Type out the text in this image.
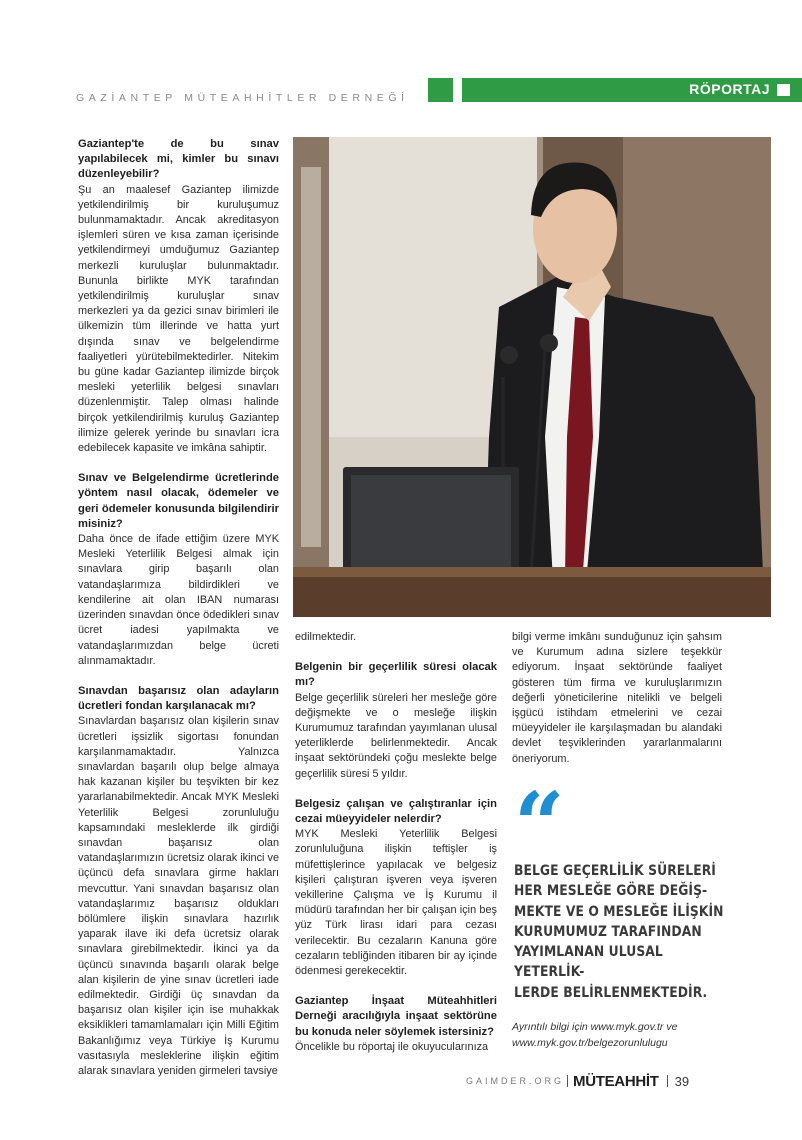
GAZİANTEP MÜTEAHHİTLER DERNEĞİ
RÖPORTAJ
Gaziantep'te de bu sınav yapılabilecek mi, kimler bu sınavı düzenleyebilir?

Şu an maalesef Gaziantep ilimizde yetkilendirilmiş bir kuruluşumuz bulunmamaktadır. Ancak akreditasyon işlemleri süren ve kısa zaman içerisinde yetkilendirmeyi umduğumuz Gaziantep merkezli kuruluşlar bulunmaktadır. Bununla birlikte MYK tarafından yetkilendirilmiş kuruluşlar sınav merkezleri ya da gezici sınav birimleri ile ülkemizin tüm illerinde ve hatta yurt dışında sınav ve belgelendirme faaliyetleri yürütebilmektedirler. Nitekim bu güne kadar Gaziantep ilimizde birçok mesleki yeterlilik belgesi sınavları düzenlenmiştir. Talep olması halinde birçok yetkilendirilmiş kuruluş Gaziantep ilimize gelerek yerinde bu sınavları icra edebilecek kapasite ve imkâna sahiptir.

Sınav ve Belgelendirme ücretlerinde yöntem nasıl olacak, ödemeler ve geri ödemeler konusunda bilgilendirir misiniz?

Daha önce de ifade ettiğim üzere MYK Mesleki Yeterlilik Belgesi almak için sınavlara girip başarılı olan vatandaşlarımıza bildirdikleri ve kendilerine ait olan IBAN numarası üzerinden sınavdan önce ödedikleri sınav ücret iadesi yapılmakta ve vatandaşlarımızdan belge ücreti alınmamaktadır.

Sınavdan başarısız olan adayların ücretleri fondan karşılanacak mı?

Sınavlardan başarısız olan kişilerin sınav ücretleri işsizlik sigortası fonundan karşılanmamaktadır. Yalnızca sınavlardan başarılı olup belge almaya hak kazanan kişiler bu teşvikten bir kez yararlanabilmektedir. Ancak MYK Mesleki Yeterlilik Belgesi zorunluluğu kapsamındaki mesleklerde ilk girdiği sınavdan başarısız olan vatandaşlarımızın ücretsiz olarak ikinci ve üçüncü defa sınavlara girme hakları mevcuttur. Yani sınavdan başarısız olan vatandaşlarımız başarısız oldukları bölümlere ilişkin sınavlara hazırlık yaparak ilave iki defa ücretsiz olarak sınavlara girebilmektedir. İkinci ya da üçüncü sınavında başarılı olarak belge alan kişilerin de yine sınav ücretleri iade edilmektedir. Girdiği üç sınavdan da başarısız olan kişiler için ise muhakkak eksiklikleri tamamlamaları için Milli Eğitim Bakanlığımız veya Türkiye İş Kurumu vasıtasıyla mesleklerine ilişkin eğitim alarak sınavlara yeniden girmeleri tavsiye

edilmektedir.

Belgenin bir geçerlilik süresi olacak mı?

Belge geçerlilik süreleri her mesleğe göre değişmekte ve o mesleğe ilişkin Kurumumuz tarafından yayımlanan ulusal yeterliklerde belirlenmektedir. Ancak inşaat sektöründeki çoğu meslekte belge geçerlilik süresi 5 yıldır.

Belgesiz çalışan ve çalıştıranlar için cezai müeyyideler nelerdir?

MYK Mesleki Yeterlilik Belgesi zorunluluğuna ilişkin teftişler iş müfettişlerince yapılacak ve belgesiz kişileri çalıştıran işveren veya işveren vekillerine Çalışma ve İş Kurumu il müdürü tarafından her bir çalışan için beş yüz Türk lirası idari para cezası verilecektir. Bu cezaların Kanuna göre cezaların tebliğinden itibaren bir ay içinde ödenmesi gerekecektir.

Gaziantep İnşaat Müteahhitleri Derneği aracılığıyla inşaat sektörüne bu konuda neler söylemek istersiniz?

Öncelikle bu röportaj ile okuyucularınıza

bilgi verme imkânı sunduğunuz için şahsım ve Kurumum adına sizlere teşekkür ediyorum. İnşaat sektöründe faaliyet gösteren tüm firma ve kuruluşlarımızın değerli yöneticilerine nitelikli ve belgeli işgücü istihdam etmelerini ve cezai müeyyideler ile karşılaşmadan bu alandaki devlet teşviklerinden yararlanmalarını öneriyorum.

“
BELGE GEÇERLİLİK SÜRELERİ
HER MESLEĞE GÖRE DEĞİŞ-
MEKTE VE O MESLEĞE İLİŞKİN
KURUMUMUZ TARAFINDAN
YAYIMLANAN ULUSAL YETERLİK-
LERDE BELİRLENMEKTEDİR.
Ayrıntılı bilgi için www.myk.gov.tr ve www.myk.gov.tr/belgezorunlulugu
GAIMDER.ORG MÜTEAHHİT 39
